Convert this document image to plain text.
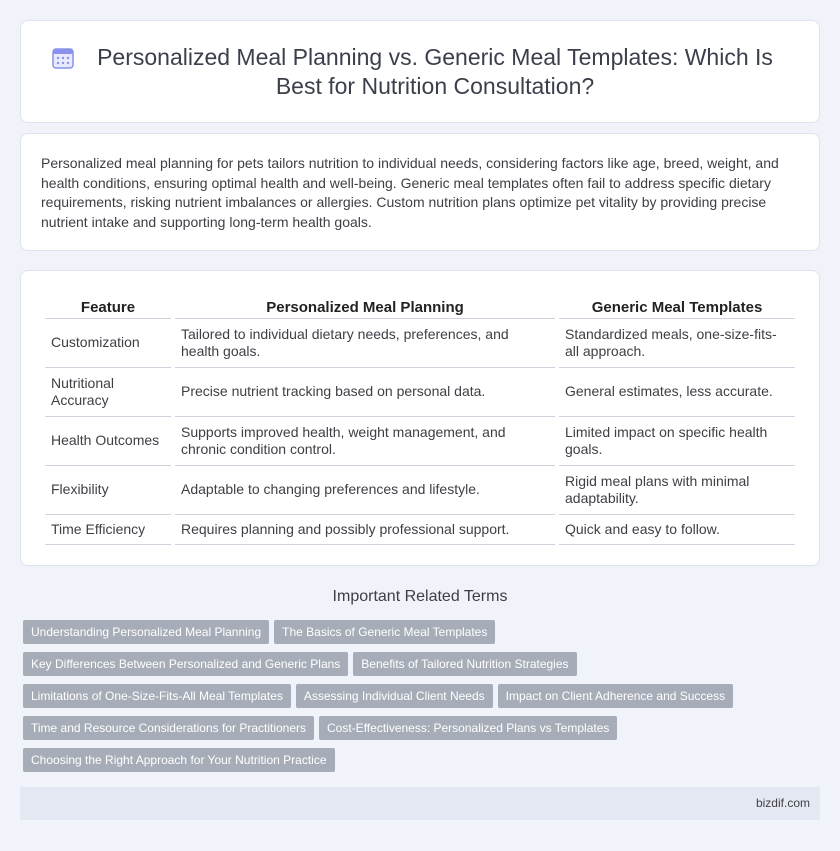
Personalized Meal Planning vs. Generic Meal Templates: Which Is Best for Nutrition Consultation?

Personalized meal planning for pets tailors nutrition to individual needs, considering factors like age, breed, weight, and health conditions, ensuring optimal health and well-being. Generic meal templates often fail to address specific dietary requirements, risking nutrient imbalances or allergies. Custom nutrition plans optimize pet vitality by providing precise nutrient intake and supporting long-term health goals.

Feature	Personalized Meal Planning	Generic Meal Templates
Customization	Tailored to individual dietary needs, preferences, and health goals.	Standardized meals, one-size-fits-all approach.
Nutritional Accuracy	Precise nutrient tracking based on personal data.	General estimates, less accurate.
Health Outcomes	Supports improved health, weight management, and chronic condition control.	Limited impact on specific health goals.
Flexibility	Adaptable to changing preferences and lifestyle.	Rigid meal plans with minimal adaptability.
Time Efficiency	Requires planning and possibly professional support.	Quick and easy to follow.
Important Related Terms
Understanding Personalized Meal Planning The Basics of Generic Meal Templates
Key Differences Between Personalized and Generic Plans Benefits of Tailored Nutrition Strategies
Limitations of One-Size-Fits-All Meal Templates Assessing Individual Client Needs Impact on Client Adherence and Success
Time and Resource Considerations for Practitioners Cost-Effectiveness: Personalized Plans vs Templates
Choosing the Right Approach for Your Nutrition Practice
bizdif.com
